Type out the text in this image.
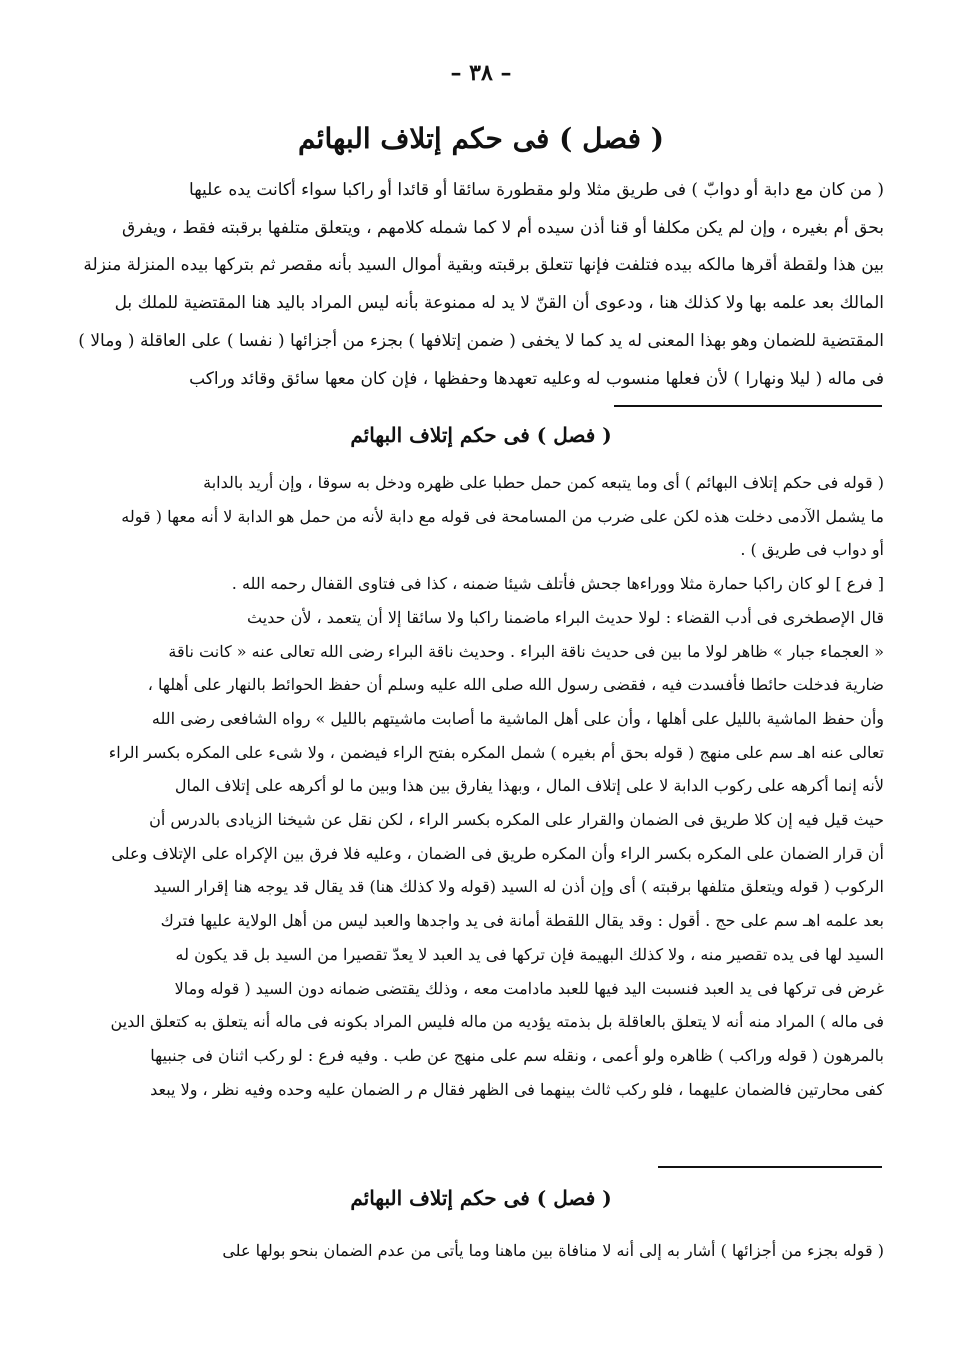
– ٣٨ –
( فصل ) فى حكم إتلاف البهائم
( من كان مع دابة أو دوابّ ) فى طريق مثلا ولو مقطورة سائقا أو قائدا أو راكبا سواء أكانت يده عليها
بحق أم بغيره ، وإن لم يكن مكلفا أو قنا أذن سيده أم لا كما شمله كلامهم ، ويتعلق متلفها برقبته فقط ، ويفرق
بين هذا ولقطة أقرها مالكه بيده فتلفت فإنها تتعلق برقبته وبقية أموال السيد بأنه مقصر ثم بتركها بيده المنزلة منزلة
المالك بعد علمه بها ولا كذلك هنا ، ودعوى أن القنّ لا يد له ممنوعة بأنه ليس المراد باليد هنا المقتضية للملك بل
المقتضية للضمان وهو بهذا المعنى له يد كما لا يخفى ( ضمن إتلافها ) بجزء من أجزائها ( نفسا ) على العاقلة ( ومالا )
فى ماله ( ليلا ونهارا ) لأن فعلها منسوب له وعليه تعهدها وحفظها ، فإن كان معها سائق وقائد وراكب
( فصل ) فى حكم إتلاف البهائم
( قوله فى حكم إتلاف البهائم ) أى وما يتبعه كمن حمل حطبا على ظهره ودخل به سوقا ، وإن أريد بالدابة
ما يشمل الآدمى دخلت هذه لكن على ضرب من المسامحة فى قوله مع دابة لأنه من حمل هو الدابة لا أنه معها ( قوله
أو دواب فى طريق ) .
[ فرع ] لو كان راكبا حمارة مثلا ووراءها جحش فأتلف شيئا ضمنه ، كذا فى فتاوى القفال رحمه الله .
قال الإصطخرى فى أدب القضاء : لولا حديث البراء ماضمنا راكبا ولا سائقا إلا أن يتعمد ، لأن حديث
« العجماء جبار » ظاهر لولا ما بين فى حديث ناقة البراء . وحديث ناقة البراء رضى الله تعالى عنه « كانت ناقة
ضارية فدخلت حائطا فأفسدت فيه ، فقضى رسول الله صلى الله عليه وسلم أن حفظ الحوائط بالنهار على أهلها ،
وأن حفظ الماشية بالليل على أهلها ، وأن على أهل الماشية ما أصابت ماشيتهم بالليل » رواه الشافعى رضى الله
تعالى عنه اهـ سم على منهج ( قوله بحق أم بغيره ) شمل المكره بفتح الراء فيضمن ، ولا شىء على المكره بكسر الراء
لأنه إنما أكرهه على ركوب الدابة لا على إتلاف المال ، وبهذا يفارق بين هذا وبين ما لو أكرهه على إتلاف المال
حيث قيل فيه إن كلا طريق فى الضمان والقرار على المكره بكسر الراء ، لكن نقل عن شيخنا الزيادى بالدرس أن
أن قرار الضمان على المكره بكسر الراء وأن المكره طريق فى الضمان ، وعليه فلا فرق بين الإكراه على الإتلاف وعلى
الركوب ( قوله ويتعلق متلفها برقبته ) أى وإن أذن له السيد (قوله ولا كذلك هنا) قد يقال قد يوجه هنا إقرار السيد
بعد علمه اهـ سم على حج . أقول : وقد يقال اللقطة أمانة فى يد واجدها والعبد ليس من أهل الولاية عليها فترك
السيد لها فى يده تقصير منه ، ولا كذلك البهيمة فإن تركها فى يد العبد لا يعدّ تقصيرا من السيد بل قد يكون له
غرض فى تركها فى يد العبد فنسبت اليد فيها للعبد مادامت معه ، وذلك يقتضى ضمانه دون السيد ( قوله ومالا
فى ماله ) المراد منه أنه لا يتعلق بالعاقلة بل بذمته يؤديه من ماله فليس المراد بكونه فى ماله أنه يتعلق به كتعلق الدين
بالمرهون ( قوله وراكب ) ظاهره ولو أعمى ، ونقله سم على منهج عن طب . وفيه فرع : لو ركب اثنان فى جنبيها
كفى محارتين فالضمان عليهما ، فلو ركب ثالث بينهما فى الظهر فقال م ر الضمان عليه وحده وفيه نظر ، ولا يبعد
( فصل ) فى حكم إتلاف البهائم
( قوله بجزء من أجزائها ) أشار به إلى أنه لا منافاة بين ماهنا وما يأتى من عدم الضمان بنحو بولها على
